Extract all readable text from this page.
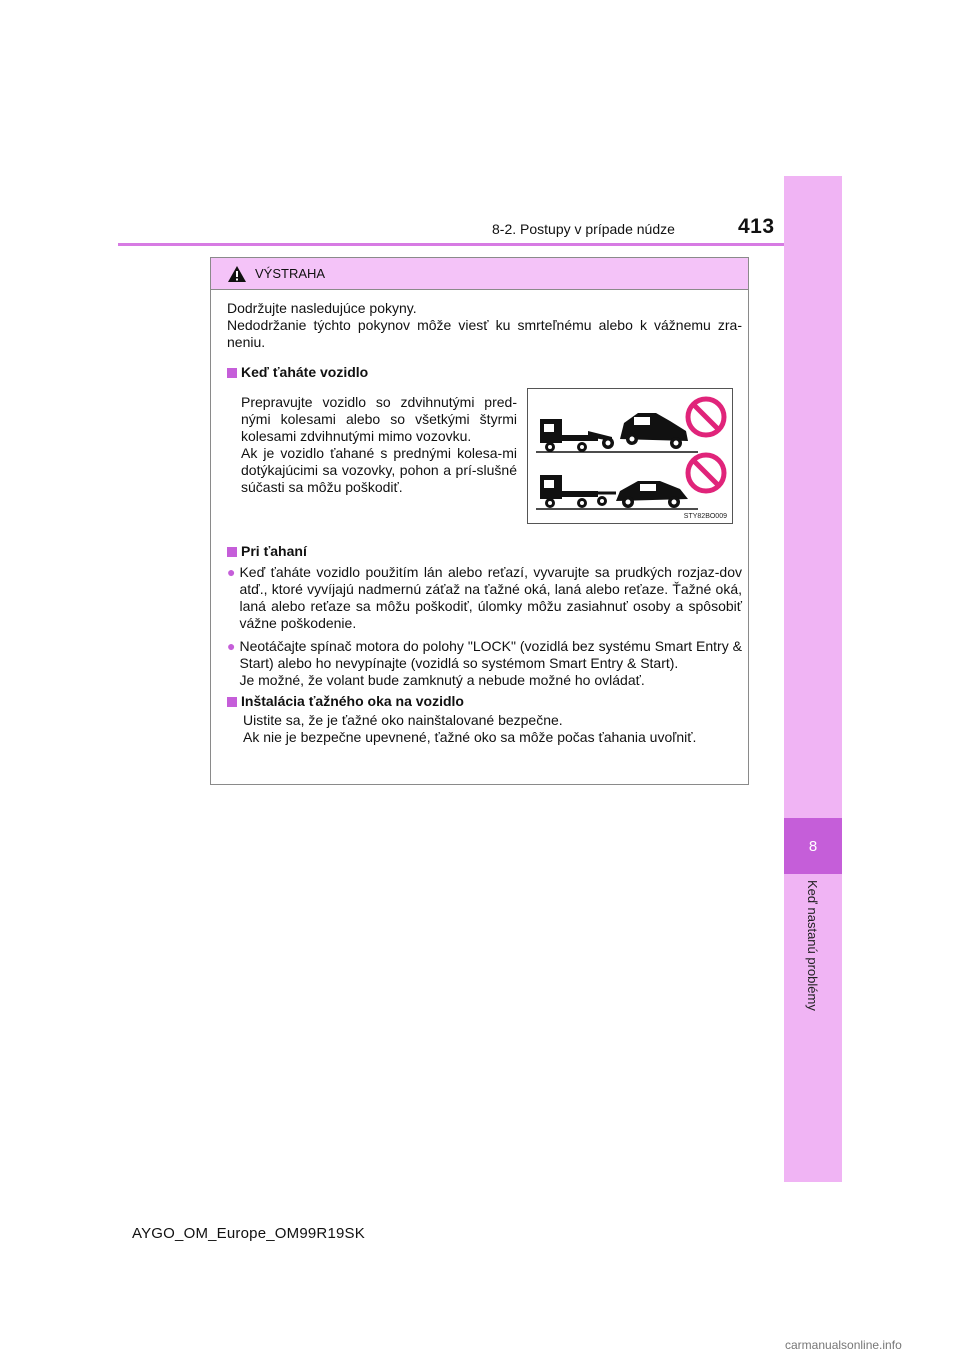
8
Keď nastanú problémy
8-2. Postupy v prípade núdze	413
VÝSTRAHA

Dodržujte nasledujúce pokyny.

Nedodržanie týchto pokynov môže viesť ku smrteľnému alebo k vážnemu zra-neniu.

Keď ťaháte vozidlo

Prepravujte vozidlo so zdvihnutými pred-nými kolesami alebo so všetkými štyrmi kolesami zdvihnutými mimo vozovku.

Ak je vozidlo ťahané s prednými kolesa-mi dotýkajúcimi sa vozovky, pohon a prí-slušné súčasti sa môžu poškodiť.

Pri ťahaní
● Keď ťaháte vozidlo použitím lán alebo reťazí, vyvarujte sa prudkých rozjaz-dov atď., ktoré vyvíjajú nadmernú záťaž na ťažné oká, laná alebo reťaze. Ťažné oká, laná alebo reťaze sa môžu poškodiť, úlomky môžu zasiahnuť osoby a spôsobiť vážne poškodenie.
● Neotáčajte spínač motora do polohy "LOCK" (vozidlá bez systému Smart Entry & Start) alebo ho nevypínajte (vozidlá so systémom Smart Entry & Start).
Je možné, že volant bude zamknutý a nebude možné ho ovládať.
Inštalácia ťažného oka na vozidlo

Uistite sa, že je ťažné oko nainštalované bezpečne.

Ak nie je bezpečne upevnené, ťažné oko sa môže počas ťahania uvoľniť.

STY82BO009
AYGO_OM_Europe_OM99R19SK
carmanualsonline.info
